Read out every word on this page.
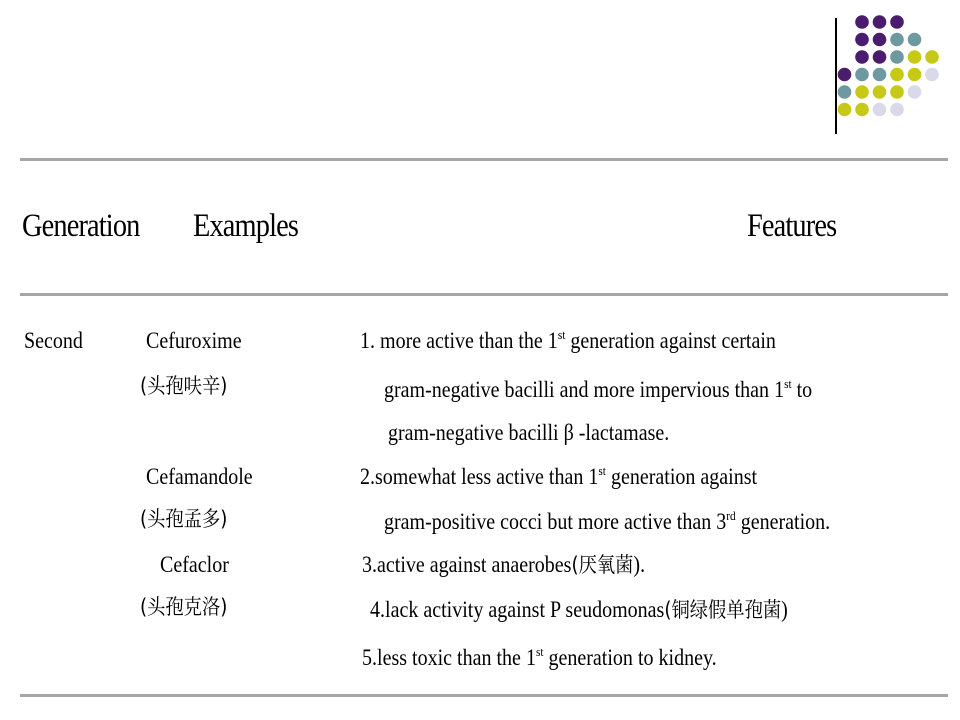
Generation Examples	Features
Second	Cefuroxime
(头孢呋辛)
Cefamandole
(头孢孟多)
Cefaclor
(头孢克洛)
1. more active than the 1st generation against certain
gram-negative bacilli and more impervious than 1st to
gram-negative bacilli β -lactamase.
2.somewhat less active than 1st generation against
gram-positive cocci but more active than 3rd generation.
3.active against anaerobes(厌氧菌).
4.lack activity against P seudomonas(铜绿假单孢菌)
5.less toxic than the 1st generation to kidney.
